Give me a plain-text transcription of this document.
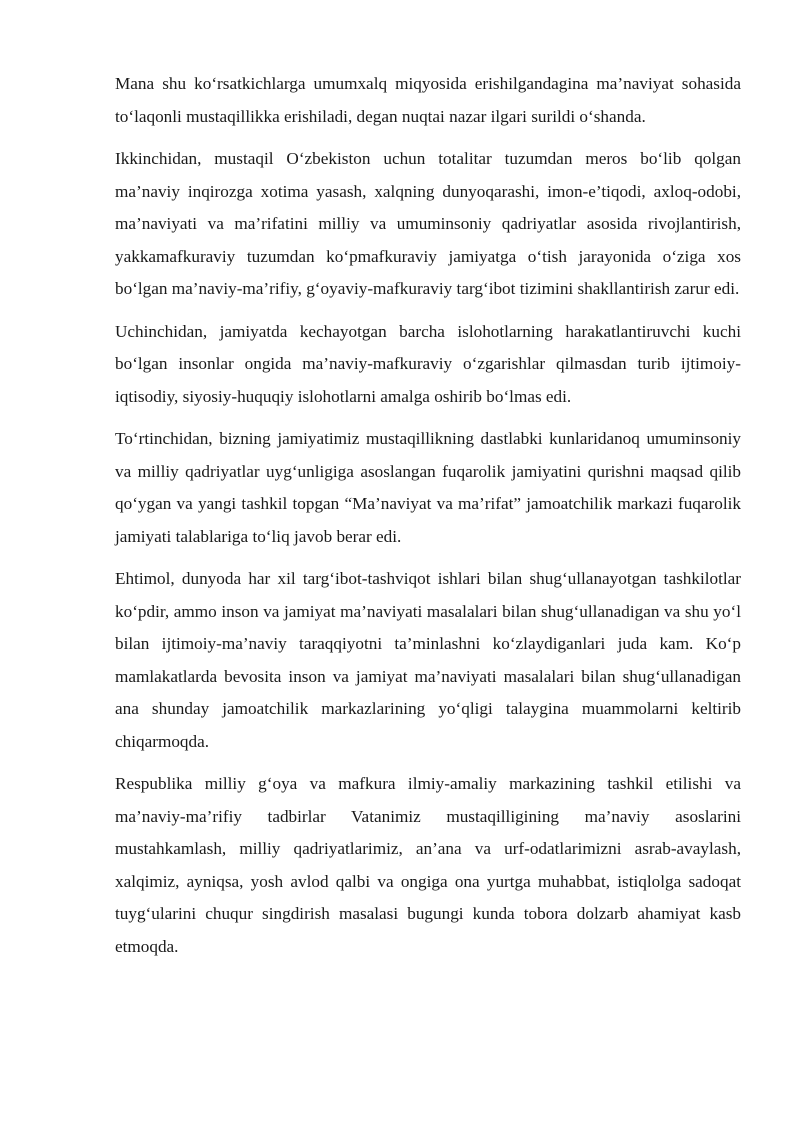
Mana shu ko‘rsatkichlarga umumxalq miqyosida erishilgandagina ma’naviyat sohasida to‘laqonli mustaqillikka erishiladi, degan nuqtai nazar ilgari surildi o‘shanda.

Ikkinchidan, mustaqil O‘zbekiston uchun totalitar tuzumdan meros bo‘lib qolgan ma’naviy inqirozga xotima yasash, xalqning dunyoqarashi, imon-e’tiqodi, axloq-odobi, ma’naviyati va ma’rifatini milliy va umuminsoniy qadriyatlar asosida rivojlantirish, yakkamafkuraviy tuzumdan ko‘pmafkuraviy jamiyatga o‘tish jarayonida o‘ziga xos bo‘lgan ma’naviy-ma’rifiy, g‘oyaviy-mafkuraviy targ‘ibot tizimini shakllantirish zarur edi.

Uchinchidan, jamiyatda kechayotgan barcha islohotlarning harakatlantiruvchi kuchi bo‘lgan insonlar ongida ma’naviy-mafkuraviy o‘zgarishlar qilmasdan turib ijtimoiy-iqtisodiy, siyosiy-huquqiy islohotlarni amalga oshirib bo‘lmas edi.

To‘rtinchidan, bizning jamiyatimiz mustaqillikning dastlabki kunlaridanoq umuminsoniy va milliy qadriyatlar uyg‘unligiga asoslangan fuqarolik jamiyatini qurishni maqsad qilib qo‘ygan va yangi tashkil topgan “Ma’naviyat va ma’rifat” jamoatchilik markazi fuqarolik jamiyati talablariga to‘liq javob berar edi.

Ehtimol, dunyoda har xil targ‘ibot-tashviqot ishlari bilan shug‘ullanayotgan tashkilotlar ko‘pdir, ammo inson va jamiyat ma’naviyati masalalari bilan shug‘ullanadigan va shu yo‘l bilan ijtimoiy-ma’naviy taraqqiyotni ta’minlashni ko‘zlaydiganlari juda kam. Ko‘p mamlakatlarda bevosita inson va jamiyat ma’naviyati masalalari bilan shug‘ullanadigan ana shunday jamoatchilik markazlarining yo‘qligi talaygina muammolarni keltirib chiqarmoqda.

Respublika milliy g‘oya va mafkura ilmiy-amaliy markazining tashkil etilishi va ma’naviy-ma’rifiy tadbirlar Vatanimiz mustaqilligining ma’naviy asoslarini mustahkamlash, milliy qadriyatlarimiz, an’ana va urf-odatlarimizni asrab-avaylash, xalqimiz, ayniqsa, yosh avlod qalbi va ongiga ona yurtga muhabbat, istiqlolga sadoqat tuyg‘ularini chuqur singdirish masalasi bugungi kunda tobora dolzarb ahamiyat kasb etmoqda.
